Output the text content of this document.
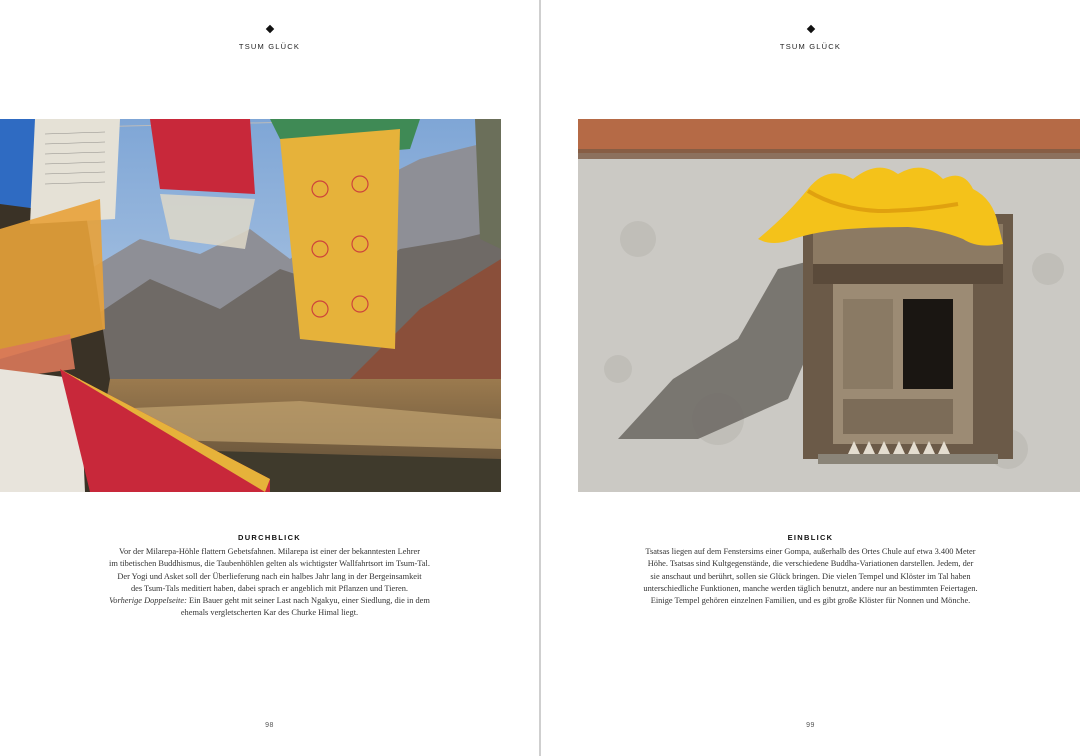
TSUM GLÜCK
DURCHBLICK
Vor der Milarepa-Höhle flattern Gebetsfahnen. Milarepa ist einer der bekanntesten Lehrer
im tibetischen Buddhismus, die Taubenhöhlen gelten als wichtigster Wallfahrtsort im Tsum-Tal.
Der Yogi und Asket soll der Überlieferung nach ein halbes Jahr lang in der Bergeinsamkeit
des Tsum-Tals meditiert haben, dabei sprach er angeblich mit Pflanzen und Tieren.
Vorherige Doppelseite: Ein Bauer geht mit seiner Last nach Ngakyu, einer Siedlung, die in dem
ehemals vergletscherten Kar des Churke Himal liegt.
98
TSUM GLÜCK
EINBLICK
Tsatsas liegen auf dem Fenstersims einer Gompa, außerhalb des Ortes Chule auf etwa 3.400 Meter
Höhe. Tsatsas sind Kultgegenstände, die verschiedene Buddha-Variationen darstellen. Jedem, der
sie anschaut und berührt, sollen sie Glück bringen. Die vielen Tempel und Klöster im Tal haben
unterschiedliche Funktionen, manche werden täglich benutzt, andere nur an bestimmten Feiertagen.
Einige Tempel gehören einzelnen Familien, und es gibt große Klöster für Nonnen und Mönche.
99
